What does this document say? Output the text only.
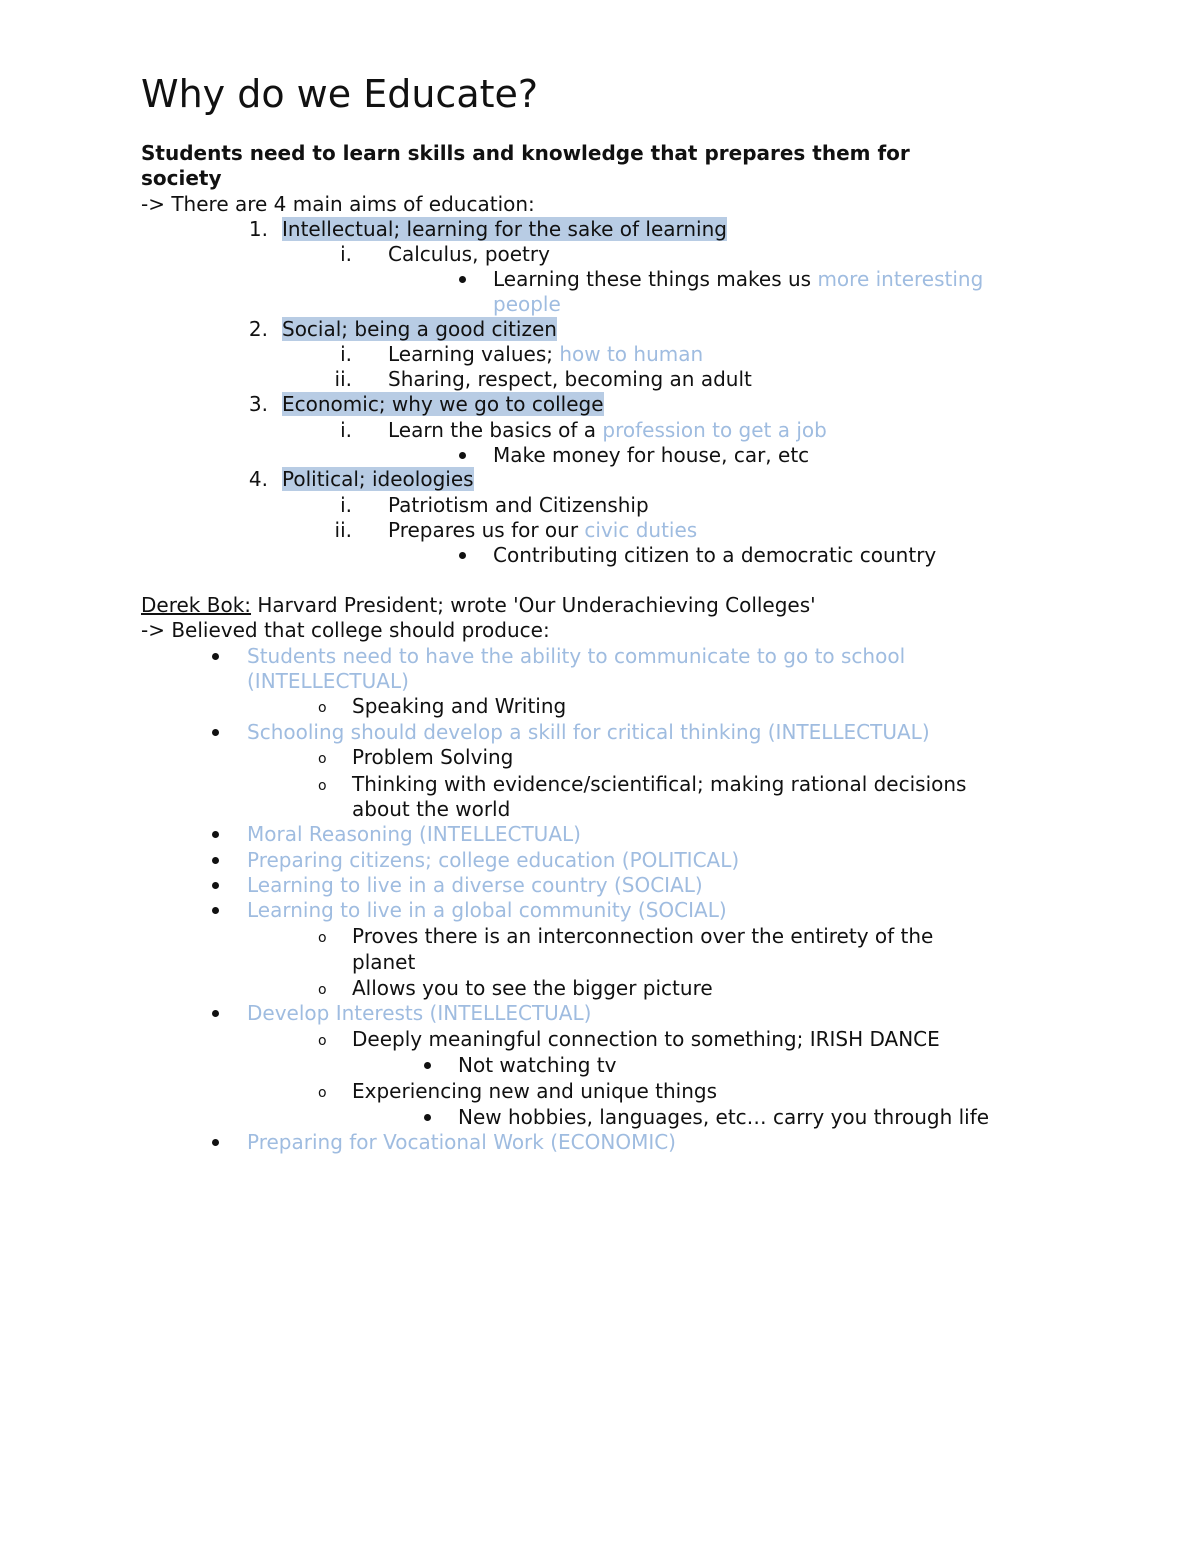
Why do we Educate?
Students need to learn skills and knowledge that prepares them for
society
-> There are 4 main aims of education:
1. Intellectual; learning for the sake of learning
i. Calculus, poetry
Learning these things makes us more interesting
people
2. Social; being a good citizen
i. Learning values; how to human
ii. Sharing, respect, becoming an adult
3. Economic; why we go to college
i. Learn the basics of a profession to get a job
Make money for house, car, etc
4. Political; ideologies
i. Patriotism and Citizenship
ii. Prepares us for our civic duties
Contributing citizen to a democratic country
Derek Bok: Harvard President; wrote 'Our Underachieving Colleges'
-> Believed that college should produce:
Students need to have the ability to communicate to go to school
(INTELLECTUAL)
o Speaking and Writing
Schooling should develop a skill for critical thinking (INTELLECTUAL)
o Problem Solving
o Thinking with evidence/scientifical; making rational decisions
about the world
Moral Reasoning (INTELLECTUAL)
Preparing citizens; college education (POLITICAL)
Learning to live in a diverse country (SOCIAL)
Learning to live in a global community (SOCIAL)
o Proves there is an interconnection over the entirety of the
planet
o Allows you to see the bigger picture
Develop Interests (INTELLECTUAL)
o Deeply meaningful connection to something; IRISH DANCE
Not watching tv
o Experiencing new and unique things
New hobbies, languages, etc… carry you through life
Preparing for Vocational Work (ECONOMIC)
